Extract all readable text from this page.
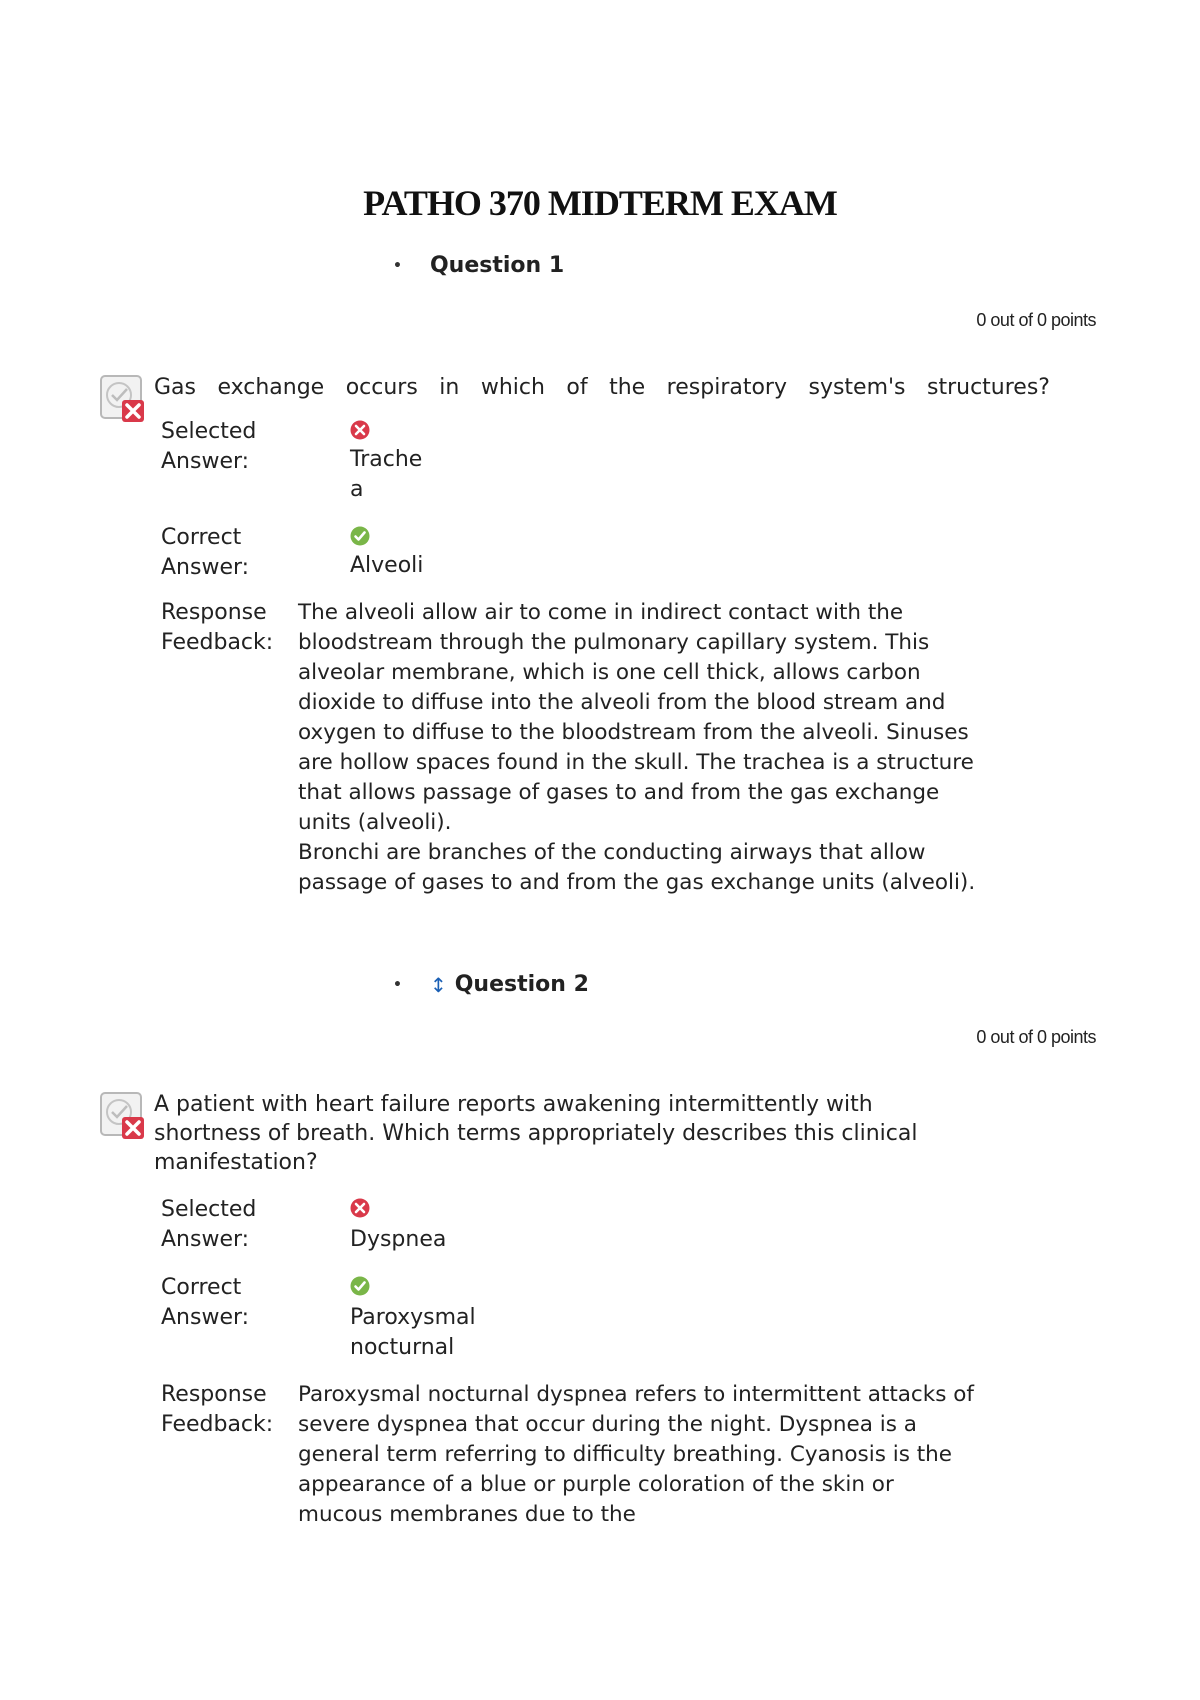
PATHO 370 MIDTERM EXAM
• Question 1
0 out of 0 points
Gas exchange occurs in which of the respiratory system's structures?
Selected Answer:	Trachea
Correct Answer:	Alveoli
Response Feedback:
The alveoli allow air to come in indirect contact with the bloodstream through the pulmonary capillary system. This alveolar membrane, which is one cell thick, allows carbon dioxide to diffuse into the alveoli from the blood stream and oxygen to diffuse to the bloodstream from the alveoli. Sinuses are hollow spaces found in the skull. The trachea is a structure that allows passage of gases to and from the gas exchange units (alveoli).
Bronchi are branches of the conducting airways that allow passage of gases to and from the gas exchange units (alveoli).
• ↕ Question 2
0 out of 0 points
A patient with heart failure reports awakening intermittently with shortness of breath. Which terms appropriately describes this clinical manifestation?
Selected Answer:	Dyspnea
Correct Answer:	Paroxysmal nocturnal
Response Feedback:
Paroxysmal nocturnal dyspnea refers to intermittent attacks of severe dyspnea that occur during the night. Dyspnea is a general term referring to difficulty breathing. Cyanosis is the appearance of a blue or purple coloration of the skin or mucous membranes due to the
